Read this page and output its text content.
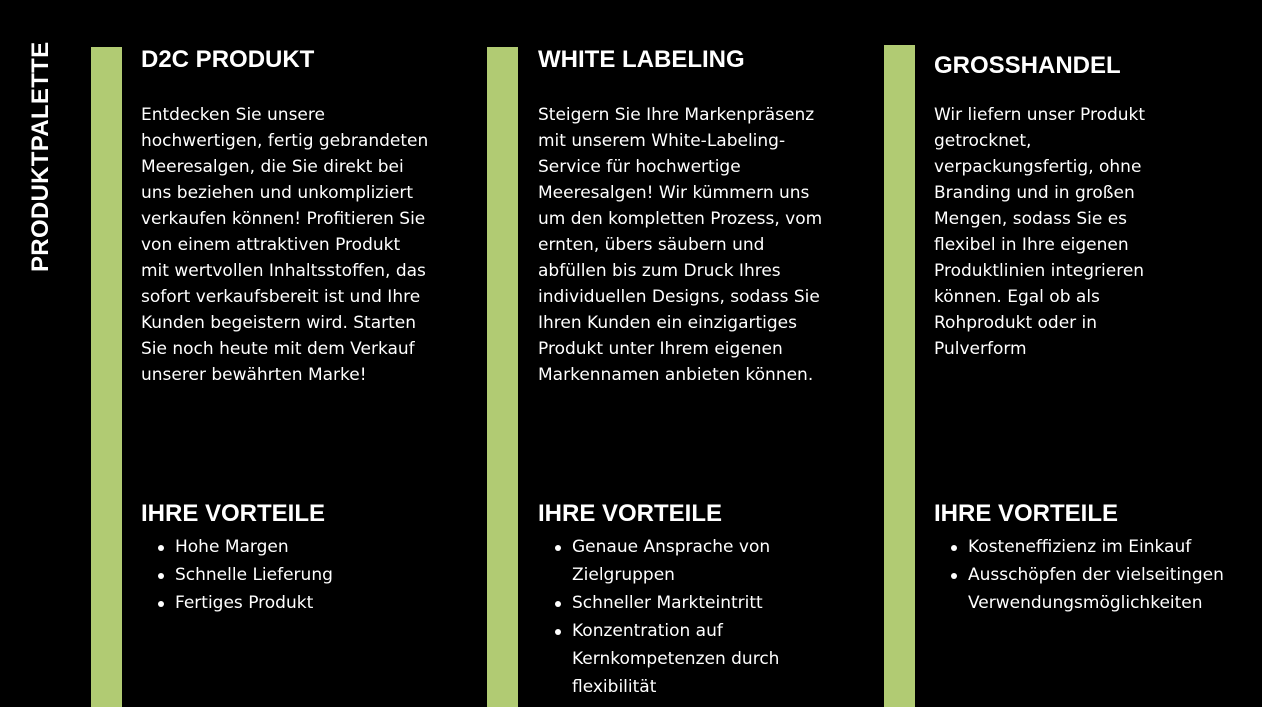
PRODUKTPALETTE	D2C PRODUKT

Entdecken Sie unsere hochwertigen, fertig gebrandeten Meeresalgen, die Sie direkt bei uns beziehen und unkompliziert verkaufen können! Profitieren Sie von einem attraktiven Produkt mit wertvollen Inhaltsstoffen, das sofort verkaufsbereit ist und Ihre Kunden begeistern wird. Starten Sie noch heute mit dem Verkauf unserer bewährten Marke!

IHRE VORTEILE
Hohe Margen
Schnelle Lieferung
Fertiges Produkt
WHITE LABELING

Steigern Sie Ihre Markenpräsenz mit unserem White-Labeling-Service für hochwertige Meeresalgen! Wir kümmern uns um den kompletten Prozess, vom ernten, übers säubern und abfüllen bis zum Druck Ihres individuellen Designs, sodass Sie Ihren Kunden ein einzigartiges Produkt unter Ihrem eigenen Markennamen anbieten können.

IHRE VORTEILE
Genaue Ansprache von Zielgruppen
Schneller Markteintritt
Konzentration auf Kernkompetenzen durch flexibilität
GROSSHANDEL

Wir liefern unser Produkt getrocknet, verpackungsfertig, ohne Branding und in großen Mengen, sodass Sie es flexibel in Ihre eigenen Produktlinien integrieren können. Egal ob als Rohprodukt oder in Pulverform

IHRE VORTEILE
Kosteneffizienz im Einkauf
Ausschöpfen der vielseitingen Verwendungsmöglichkeiten
